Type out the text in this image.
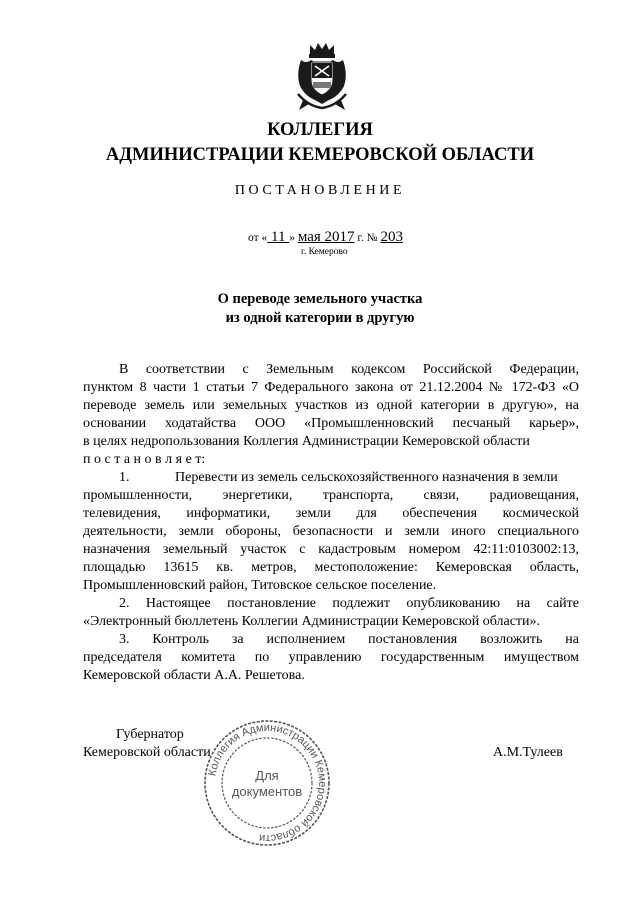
КОЛЛЕГИЯ
АДМИНИСТРАЦИИ КЕМЕРОВСКОЙ ОБЛАСТИ
ПОСТАНОВЛЕНИЕ
от « 11 » мая 2017 г. № 203
г. Кемерово
О переводе земельного участка
из одной категории в другую
В соответствии с Земельным кодексом Российской Федерации,
пунктом 8 части 1 статьи 7 Федерального закона от 21.12.2004 № 172-ФЗ «О
переводе земель или земельных участков из одной категории в другую», на
основании ходатайства ООО «Промышленновский песчаный карьер»,
в целях недропользования Коллегия Администрации Кемеровской области
п о с т а н о в л я е т:
1.	Перевести из земель сельскохозяйственного назначения в земли
промышленности, энергетики, транспорта, связи, радиовещания,
телевидения, информатики, земли для обеспечения космической
деятельности, земли обороны, безопасности и земли иного специального
назначения земельный участок с кадастровым номером 42:11:0103002:13,
площадью 13615 кв. метров, местоположение: Кемеровская область,
Промышленновский район, Титовское сельское поселение.
2. Настоящее постановление подлежит опубликованию на сайте
«Электронный бюллетень Коллегии Администрации Кемеровской области».
3. Контроль за исполнением постановления возложить на
председателя комитета по управлению государственным имуществом
Кемеровской области А.А. Решетова.
Губернатор
Кемеровской области	А.М.Тулеев
Коллегия Администрации Кемеровской области
Для
документов
